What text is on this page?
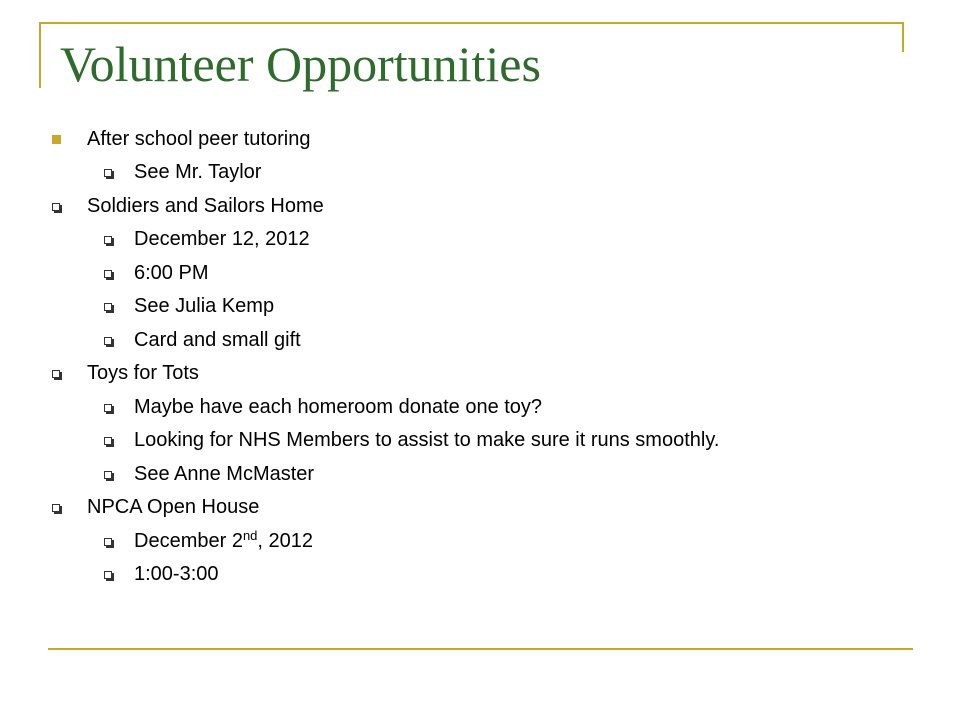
Volunteer Opportunities
After school peer tutoring
See Mr. Taylor
Soldiers and Sailors Home
December 12, 2012
6:00 PM
See Julia Kemp
Card and small gift
Toys for Tots
Maybe have each homeroom donate one toy?
Looking for NHS Members to assist to make sure it runs smoothly.
See Anne McMaster
NPCA Open House
December 2nd, 2012
1:00-3:00
